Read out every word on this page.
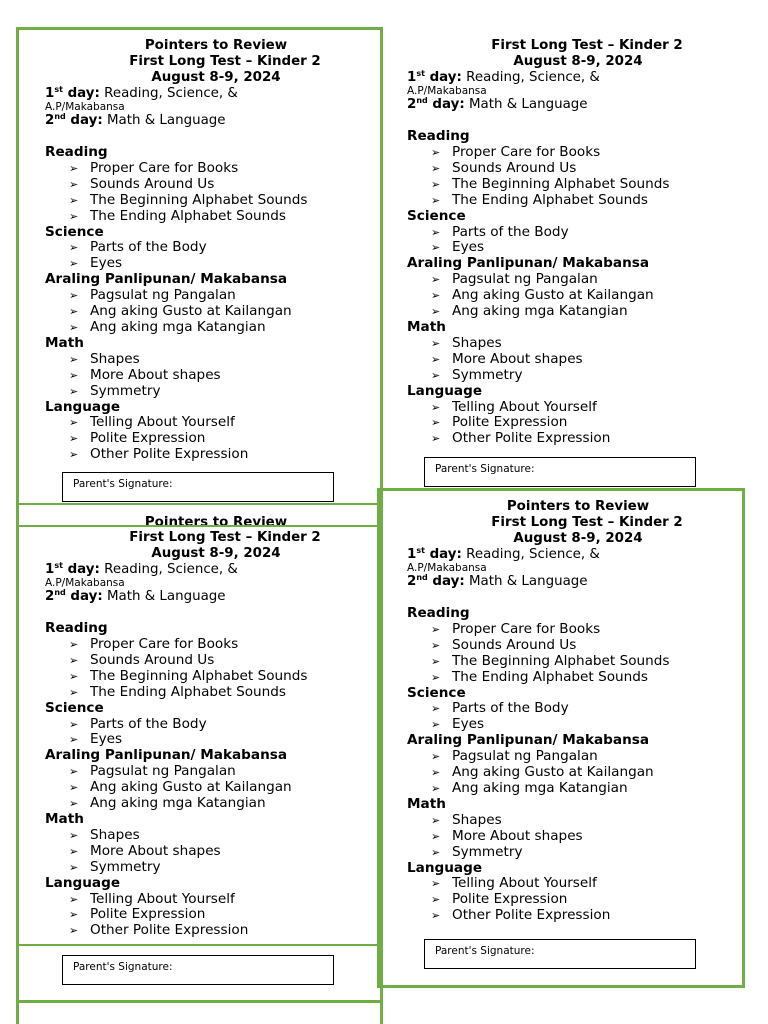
Pointers to Review
First Long Test – Kinder 2
August 8-9, 2024
1st day: Reading, Science, &
A.P/Makabansa
2nd day: Math & Language
Reading
➢ Proper Care for Books
➢ Sounds Around Us
➢ The Beginning Alphabet Sounds
➢ The Ending Alphabet Sounds
Science
➢ Parts of the Body
➢ Eyes
Araling Panlipunan/ Makabansa
➢ Pagsulat ng Pangalan
➢ Ang aking Gusto at Kailangan
➢ Ang aking mga Katangian
Math
➢ Shapes
➢ More About shapes
➢ Symmetry
Language
➢ Telling About Yourself
➢ Polite Expression
➢ Other Polite Expression
Parent's Signature:
Pointers to Review
First Long Test – Kinder 2
August 8-9, 2024
1st day: Reading, Science, &
A.P/Makabansa
2nd day: Math & Language
Reading
➢ Proper Care for Books
➢ Sounds Around Us
➢ The Beginning Alphabet Sounds
➢ The Ending Alphabet Sounds
Science
➢ Parts of the Body
➢ Eyes
Araling Panlipunan/ Makabansa
➢ Pagsulat ng Pangalan
➢ Ang aking Gusto at Kailangan
➢ Ang aking mga Katangian
Math
➢ Shapes
➢ More About shapes
➢ Symmetry
Language
➢ Telling About Yourself
➢ Polite Expression
➢ Other Polite Expression
Parent's Signature:
First Long Test – Kinder 2
August 8-9, 2024
1st day: Reading, Science, &
A.P/Makabansa
2nd day: Math & Language
Reading
➢ Proper Care for Books
➢ Sounds Around Us
➢ The Beginning Alphabet Sounds
➢ The Ending Alphabet Sounds
Science
➢ Parts of the Body
➢ Eyes
Araling Panlipunan/ Makabansa
➢ Pagsulat ng Pangalan
➢ Ang aking Gusto at Kailangan
➢ Ang aking mga Katangian
Math
➢ Shapes
➢ More About shapes
➢ Symmetry
Language
➢ Telling About Yourself
➢ Polite Expression
➢ Other Polite Expression
Parent's Signature:
Pointers to Review
First Long Test – Kinder 2
August 8-9, 2024
1st day: Reading, Science, &
A.P/Makabansa
2nd day: Math & Language
Reading
➢ Proper Care for Books
➢ Sounds Around Us
➢ The Beginning Alphabet Sounds
➢ The Ending Alphabet Sounds
Science
➢ Parts of the Body
➢ Eyes
Araling Panlipunan/ Makabansa
➢ Pagsulat ng Pangalan
➢ Ang aking Gusto at Kailangan
➢ Ang aking mga Katangian
Math
➢ Shapes
➢ More About shapes
➢ Symmetry
Language
➢ Telling About Yourself
➢ Polite Expression
➢ Other Polite Expression
Parent's Signature:
